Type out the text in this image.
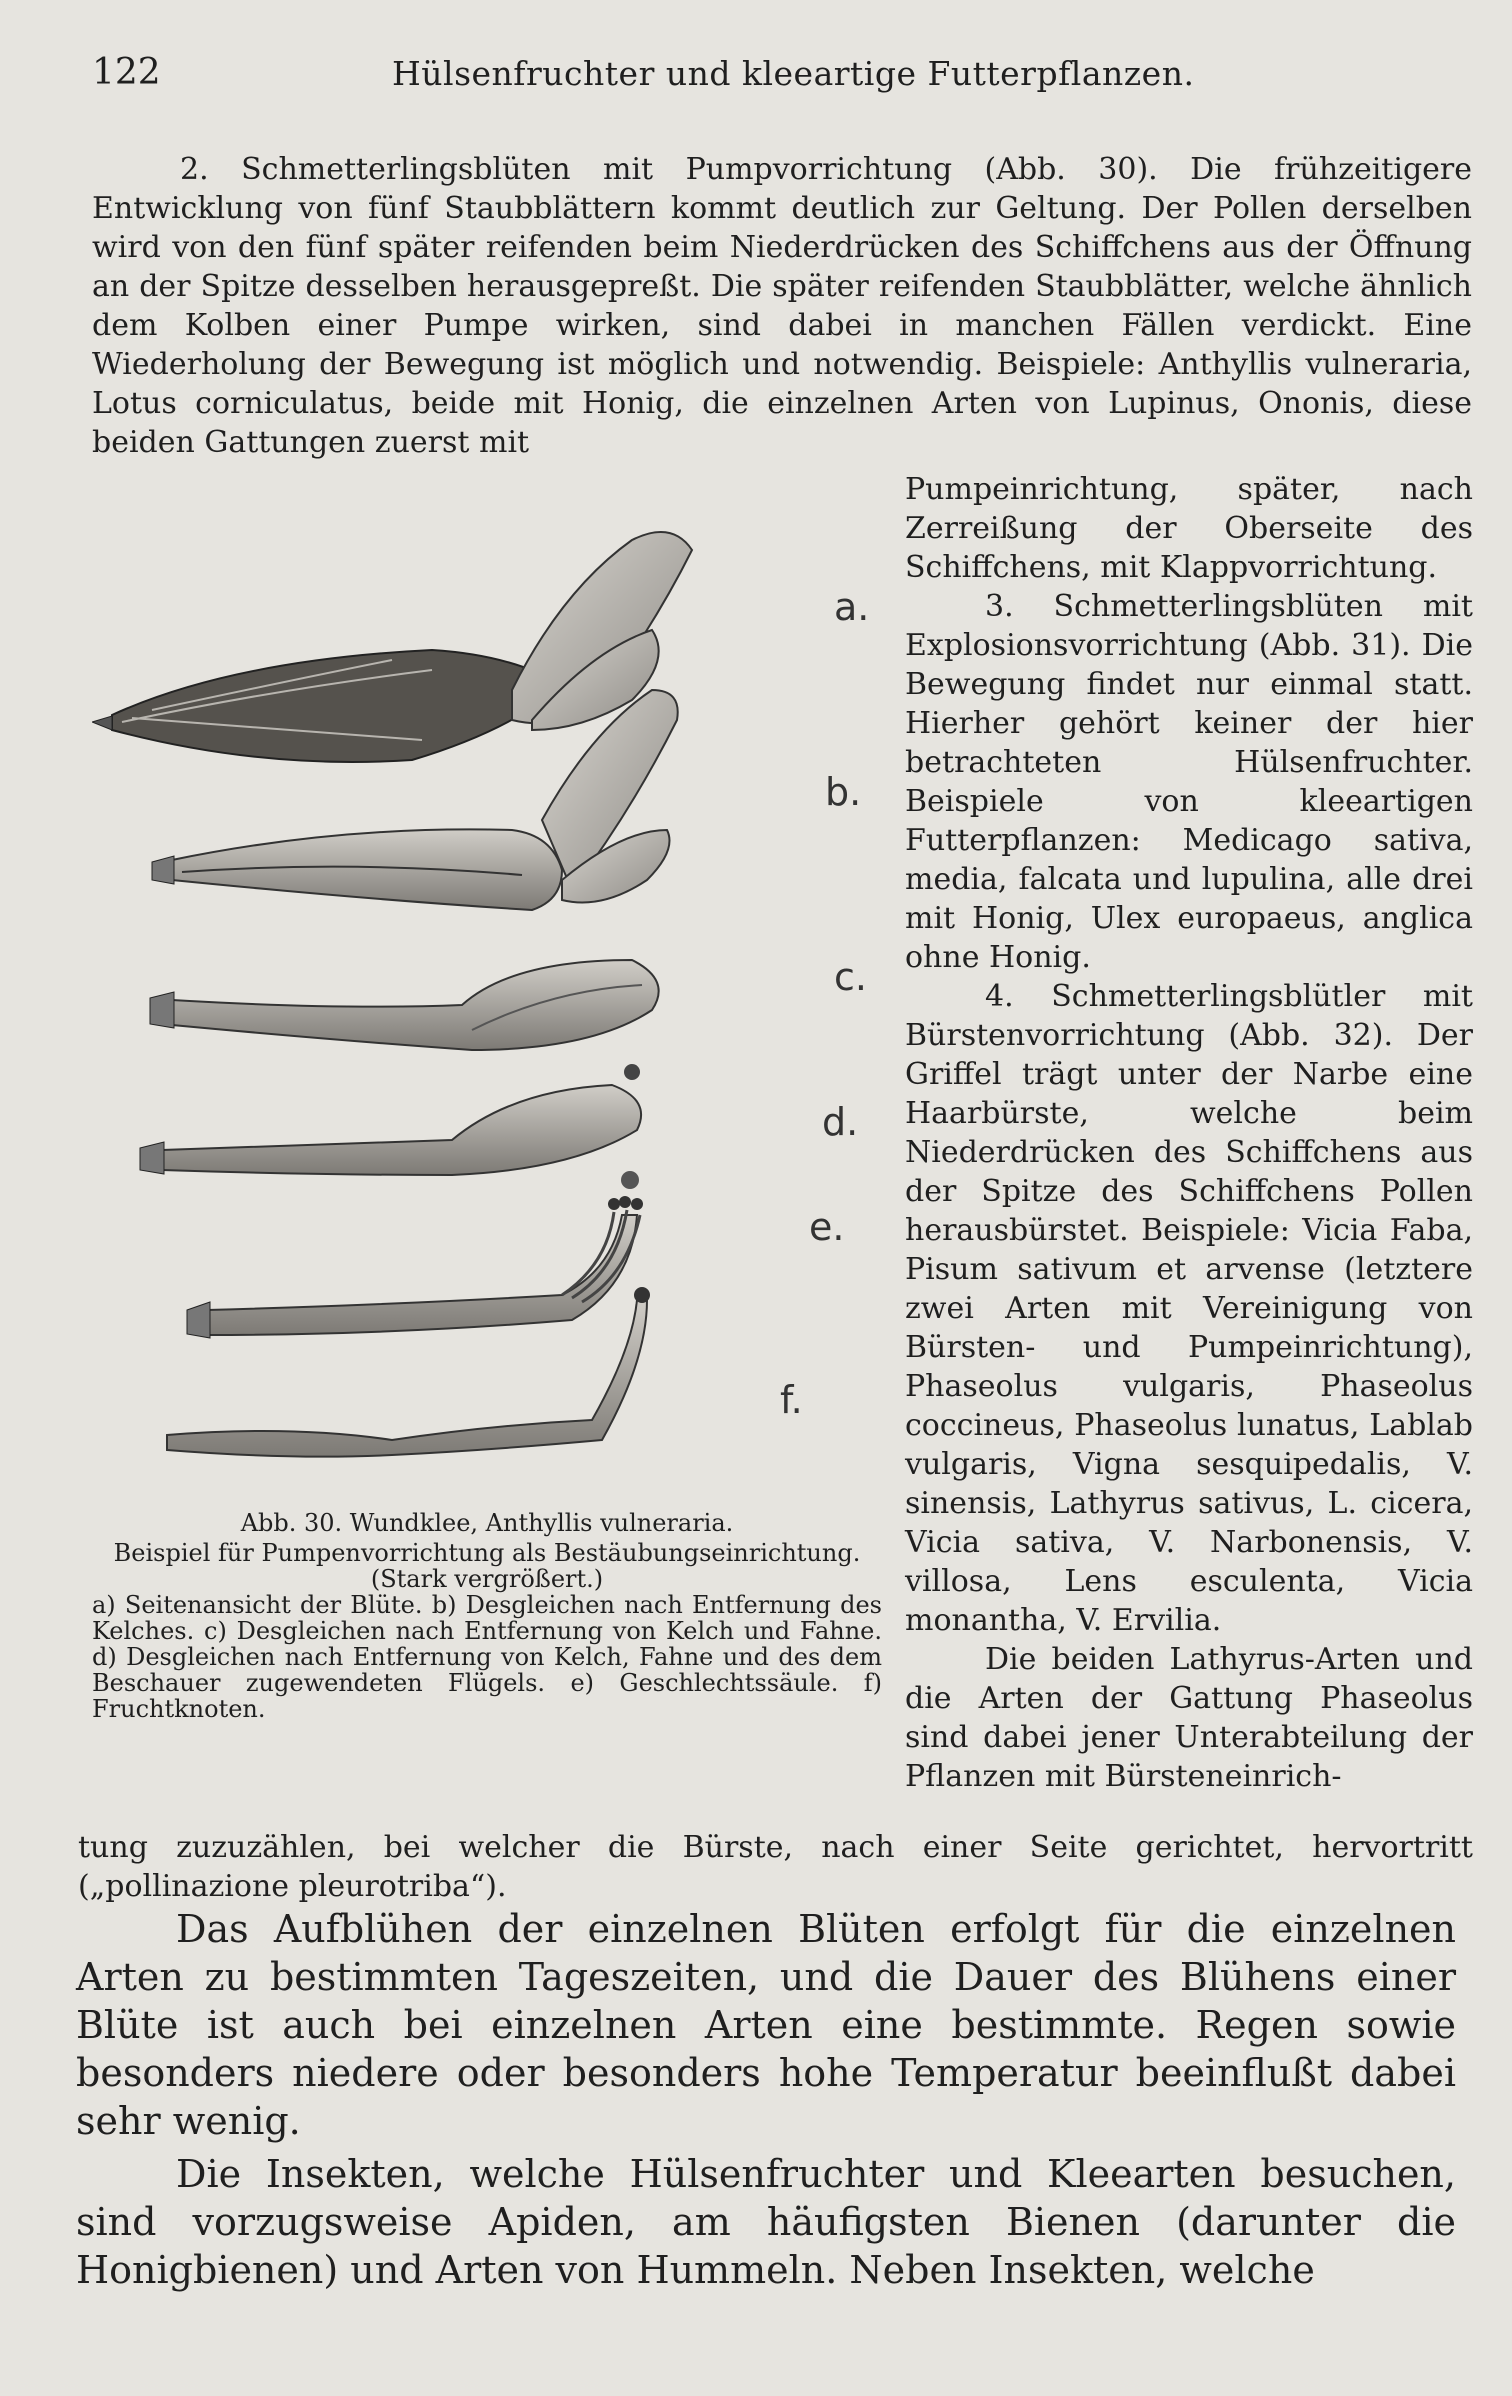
122	Hülsenfruchter und kleeartige Futterpflanzen.

2. Schmetterlingsblüten mit Pumpvorrichtung (Abb. 30). Die frühzeitigere Entwicklung von fünf Staubblättern kommt deutlich zur Geltung. Der Pollen derselben wird von den fünf später reifenden beim Niederdrücken des Schiffchens aus der Öffnung an der Spitze desselben herausgepreßt. Die später reifenden Staubblätter, welche ähnlich dem Kolben einer Pumpe wirken, sind dabei in manchen Fällen verdickt. Eine Wiederholung der Bewegung ist möglich und notwendig. Beispiele: Anthyllis vulneraria, Lotus corniculatus, beide mit Honig, die einzelnen Arten von Lupinus, Ononis, diese beiden Gattungen zuerst mit

a.
b.
c.
d.
e.
f.
Abb. 30. Wundklee, Anthyllis vulneraria.
Beispiel für Pumpenvorrichtung als Bestäubungseinrichtung. (Stark vergrößert.)
a) Seitenansicht der Blüte. b) Desgleichen nach Entfernung des Kelches. c) Desgleichen nach Entfernung von Kelch und Fahne. d) Desgleichen nach Entfernung von Kelch, Fahne und des dem Beschauer zugewendeten Flügels. e) Geschlechtssäule. f) Fruchtknoten.

Pumpeinrichtung, später, nach Zerreißung der Oberseite des Schiffchens, mit Klappvorrichtung.

3. Schmetterlingsblüten mit Explosionsvorrichtung (Abb. 31). Die Bewegung findet nur einmal statt. Hierher gehört keiner der hier betrachteten Hülsenfruchter. Beispiele von kleeartigen Futterpflanzen: Medicago sativa, media, falcata und lupulina, alle drei mit Honig, Ulex europaeus, anglica ohne Honig.

4. Schmetterlingsblütler mit Bürstenvorrichtung (Abb. 32). Der Griffel trägt unter der Narbe eine Haarbürste, welche beim Niederdrücken des Schiffchens aus der Spitze des Schiffchens Pollen herausbürstet. Beispiele: Vicia Faba, Pisum sativum et arvense (letztere zwei Arten mit Vereinigung von Bürsten- und Pumpeinrichtung), Phaseolus vulgaris, Phaseolus coccineus, Phaseolus lunatus, Lablab vulgaris, Vigna sesquipedalis, V. sinensis, Lathyrus sativus, L. cicera, Vicia sativa, V. Narbonensis, V. villosa, Lens esculenta, Vicia monantha, V. Ervilia.

Die beiden Lathyrus-Arten und die Arten der Gattung Phaseolus sind dabei jener Unterabteilung der Pflanzen mit Bürsteneinrich-

tung zuzuzählen, bei welcher die Bürste, nach einer Seite gerichtet, hervortritt („pollinazione pleurotriba“).

Das Aufblühen der einzelnen Blüten erfolgt für die einzelnen Arten zu bestimmten Tageszeiten, und die Dauer des Blühens einer Blüte ist auch bei einzelnen Arten eine bestimmte. Regen sowie besonders niedere oder besonders hohe Temperatur beeinflußt dabei sehr wenig.

Die Insekten, welche Hülsenfruchter und Kleearten besuchen, sind vorzugsweise Apiden, am häufigsten Bienen (darunter die Honigbienen) und Arten von Hummeln. Neben Insekten, welche
